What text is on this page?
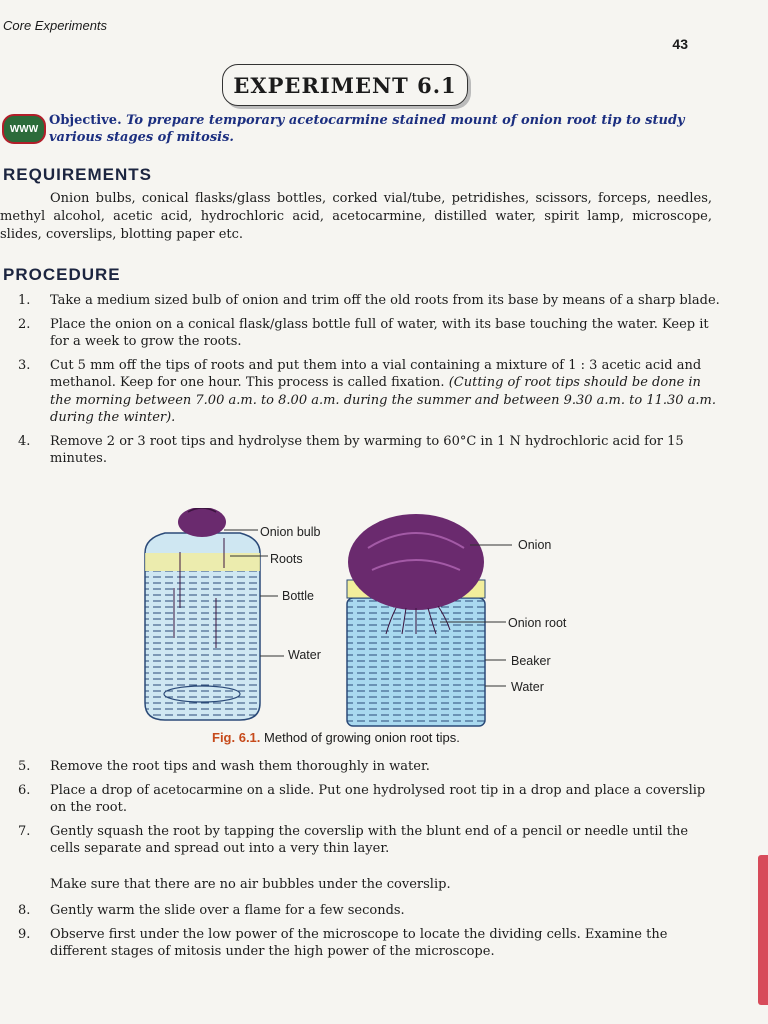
Core Experiments
43
EXPERIMENT 6.1
WWW
Objective. To prepare temporary acetocarmine stained mount of onion root tip to study various stages of mitosis.
REQUIREMENTS
Onion bulbs, conical flasks/glass bottles, corked vial/tube, petridishes, scissors, forceps, needles, methyl alcohol, acetic acid, hydrochloric acid, acetocarmine, distilled water, spirit lamp, microscope, slides, coverslips, blotting paper etc.
PROCEDURE
1. Take a medium sized bulb of onion and trim off the old roots from its base by means of a sharp blade.
2. Place the onion on a conical flask/glass bottle full of water, with its base touching the water. Keep it for a week to grow the roots.
3. Cut 5 mm off the tips of roots and put them into a vial containing a mixture of 1 : 3 acetic acid and methanol. Keep for one hour. This process is called fixation. (Cutting of root tips should be done in the morning between 7.00 a.m. to 8.00 a.m. during the summer and between 9.30 a.m. to 11.30 a.m. during the winter).
4. Remove 2 or 3 root tips and hydrolyse them by warming to 60°C in 1 N hydrochloric acid for 15 minutes.
Onion bulb
Roots
Bottle
Water
Onion
Onion root
Beaker
Water
Fig. 6.1. Method of growing onion root tips.
5. Remove the root tips and wash them thoroughly in water.
6. Place a drop of acetocarmine on a slide. Put one hydrolysed root tip in a drop and place a coverslip on the root.
7. Gently squash the root by tapping the coverslip with the blunt end of a pencil or needle until the cells separate and spread out into a very thin layer.
Make sure that there are no air bubbles under the coverslip.
8. Gently warm the slide over a flame for a few seconds.
9. Observe first under the low power of the microscope to locate the dividing cells. Examine the different stages of mitosis under the high power of the microscope.
